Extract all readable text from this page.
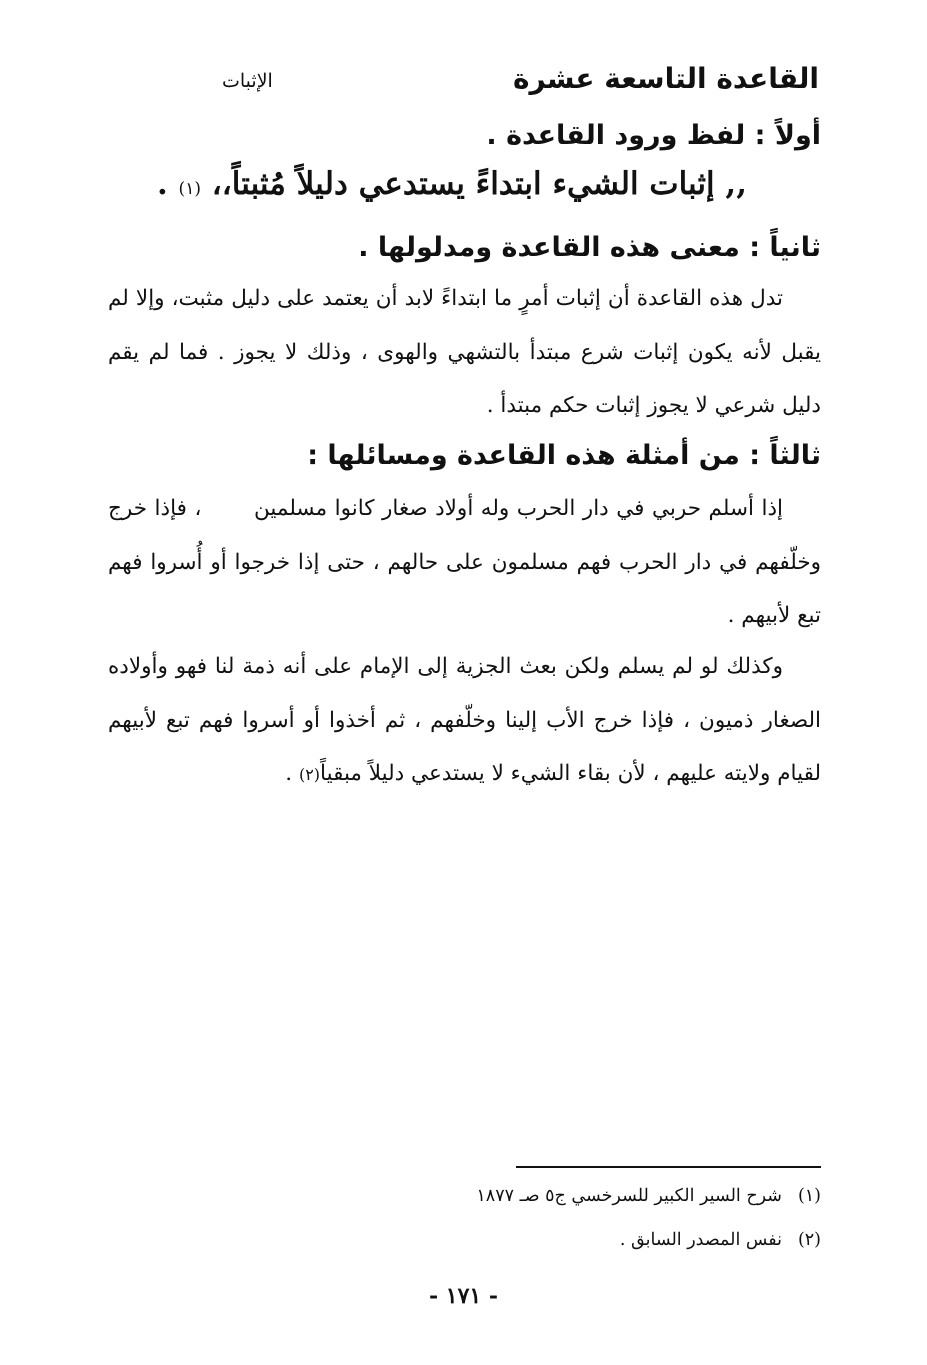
القاعدة التاسعة عشرة
الإثبات
أولاً : لفظ ورود القاعدة .
,, إثبات الشيء ابتداءً يستدعي دليلاً مُثبتاً،، (١) .
ثانياً : معنى هذه القاعدة ومدلولها .
تدل هذه القاعدة أن إثبات أمرٍ ما ابتداءً لابد أن يعتمد على دليل مثبت، وإلا لم يقبل لأنه يكون إثبات شرع مبتدأ بالتشهي والهوى ، وذلك لا يجوز . فما لم يقم دليل شرعي لا يجوز إثبات حكم مبتدأ .
ثالثاً : من أمثلة هذه القاعدة ومسائلها :
إذا أسلم حربي في دار الحرب وله أولاد صغار كانوا مسلمين       ، فإذا خرج وخلّفهم في دار الحرب فهم مسلمون على حالهم ، حتى إذا خرجوا أو أُسروا فهم تبع لأبيهم .
وكذلك لو لم يسلم ولكن بعث الجزية إلى الإمام على أنه ذمة لنا فهو وأولاده الصغار ذميون ، فإذا خرج الأب إلينا وخلّفهم ، ثم أخذوا أو أسروا فهم تبع لأبيهم لقيام ولايته عليهم ، لأن بقاء الشيء لا يستدعي دليلاً مبقياً(٢) .
(١)شرح السير الكبير للسرخسي ج٥ صـ ١٨٧٧
(٢)نفس المصدر السابق .
- ١٧١ -
